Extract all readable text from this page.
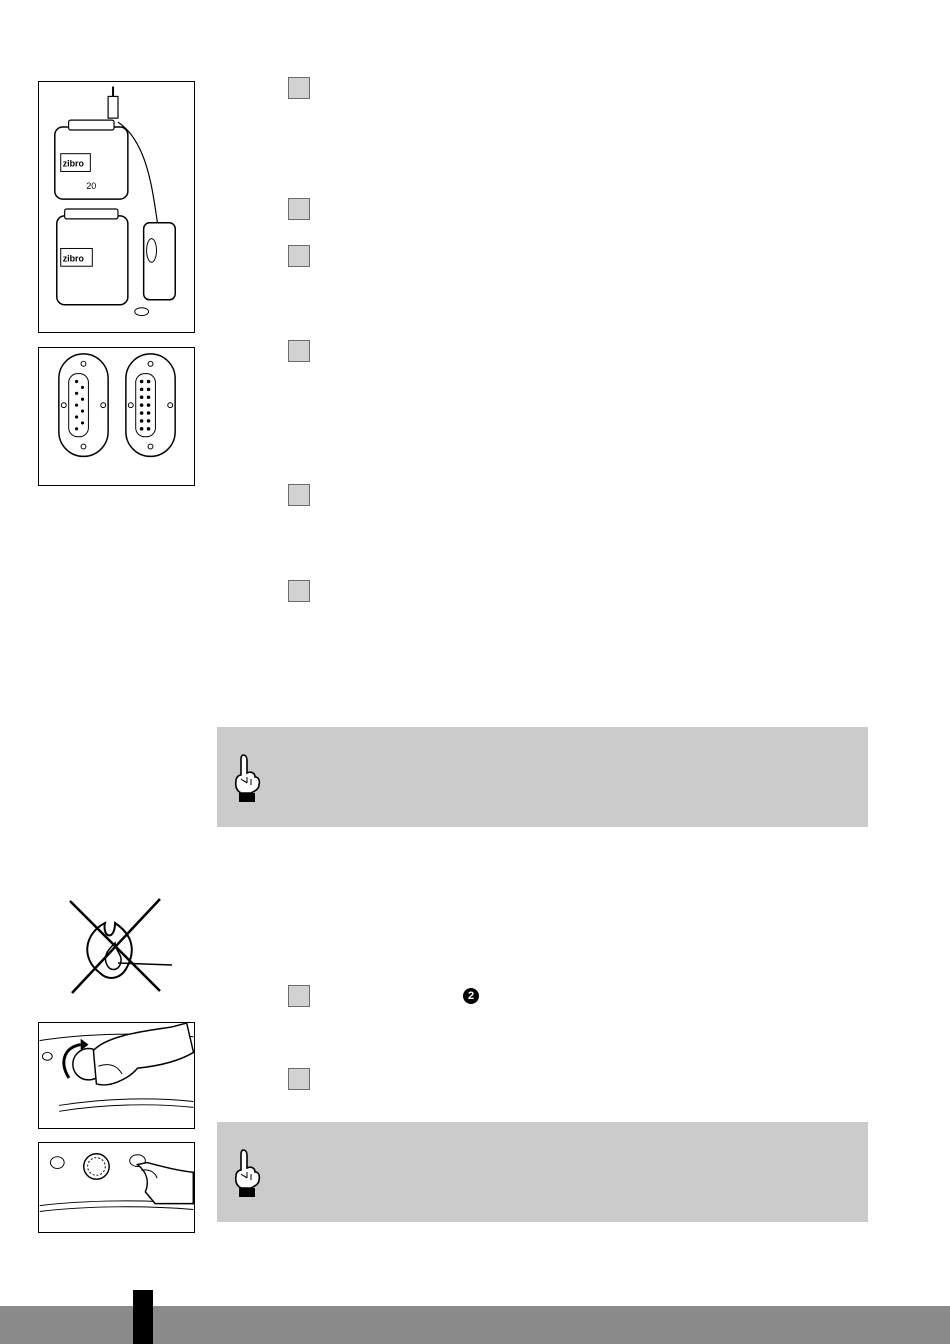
zibro
20
zibro
2
